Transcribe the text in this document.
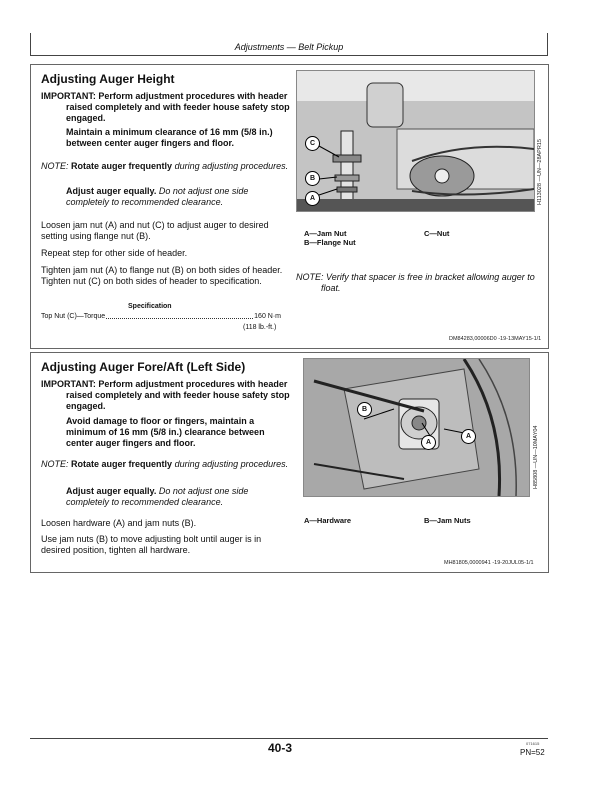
Adjustments — Belt Pickup
Adjusting Auger Height
IMPORTANT: Perform adjustment procedures with header raised completely and with feeder house safety stop engaged.
Maintain a minimum clearance of 16 mm (5/8 in.) between center auger fingers and floor.
NOTE: Rotate auger frequently during adjusting procedures.
Adjust auger equally. Do not adjust one side completely to recommended clearance.
Loosen jam nut (A) and nut (C) to adjust auger to desired setting using flange nut (B).
Repeat step for other side of header.
Tighten jam nut (A) to flange nut (B) on both sides of header. Tighten nut (C) on both sides of header to specification.
Specification
Top Nut (C)—Torque	160 N·m
(118 lb.-ft.)
C
B
A	H113028 —UN—28APR15
A—Jam Nut
B—Flange Nut
C—Nut
NOTE: Verify that spacer is free in bracket allowing auger to float.
DM84283,00006D0 -19-13MAY15-1/1
Adjusting Auger Fore/Aft (Left Side)
IMPORTANT: Perform adjustment procedures with header raised completely and with feeder house safety stop engaged.
Avoid damage to floor or fingers, maintain a minimum of 16 mm (5/8 in.) clearance between center auger fingers and floor.
NOTE: Rotate auger frequently during adjusting procedures.
Adjust auger equally. Do not adjust one side completely to recommended clearance.
Loosen hardware (A) and jam nuts (B).
Use jam nuts (B) to move adjusting bolt until auger is in desired position, tighten all hardware.
B
A
A	H85808 —UN—10MAY04
A—Hardware	B—Jam Nuts
MH81805,0000941 -19-20JUL05-1/1
40-3	071615
PN=52
